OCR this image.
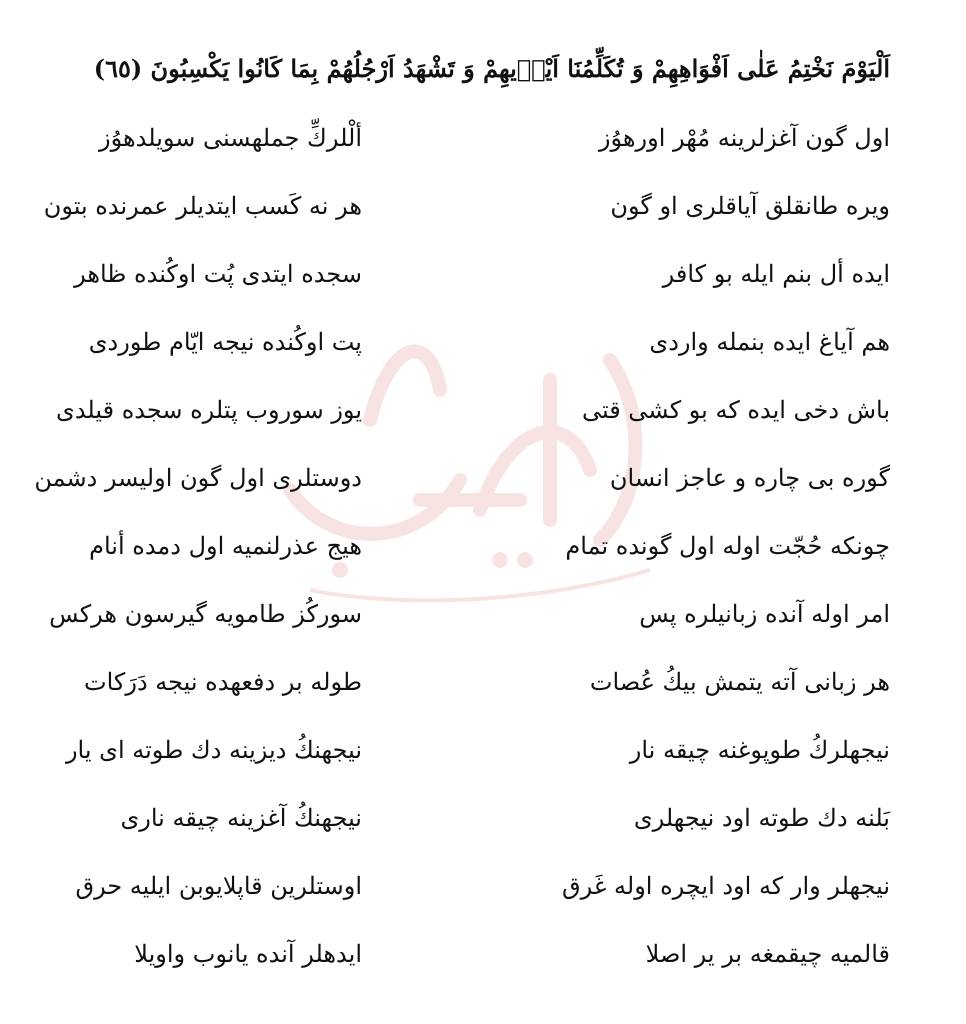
اَلْيَوْمَ نَخْتِمُ عَلٰى اَفْوَاهِهِمْ وَ تُكَلِّمُنَا اَيْدٖيهِمْ وَ تَشْهَدُ اَرْجُلُهُمْ بِمَا كَانُوا يَكْسِبُونَ (٦٥)
اول گون آغزلرينه مُهْر اورهوُز
ألْلركِّ جملهسنى سويلدهوُز
ويره طانقلق آياقلرى او گون
هر نه كَسب ايتديلر عمرنده بتون
ايده أل بنم ايله بو كافر
سجده ايتدى پُت اوكُنده ظاهر
هم آياغ ايده بنمله واردى
پت اوكُنده نيجه ايّام طوردى
باش دخى ايده كه بو كشى قتى
يوز سوروب پتلره سجده قيلدى
گوره بى چاره و عاجز انسان
دوستلرى اول گون اوليسر دشمن
چونكه حُجّت اوله اول گونده تمام
هيج عذرلنميه اول دمده أنام
امر اوله آنده زبانيلره پس
سوركُز طامويه گيرسون هركس
هر زبانى آته يتمش بيكُ عُصات
طوله بر دفعهده نيجه دَرَكات
نيجهلركُ طوپوغنه چيقه نار
نيجهنكُ ديزينه دك طوته اى يار
بَلنه دك طوته اود نيجهلرى
نيجهنكُ آغزينه چيقه نارى
نيجهلر وار كه اود ايچره اوله غَرق
اوستلرين قاپلايوبن ايليه حرق
قالميه چيقمغه بر ير اصلا
ايدهلر آنده يانوب واويلا
